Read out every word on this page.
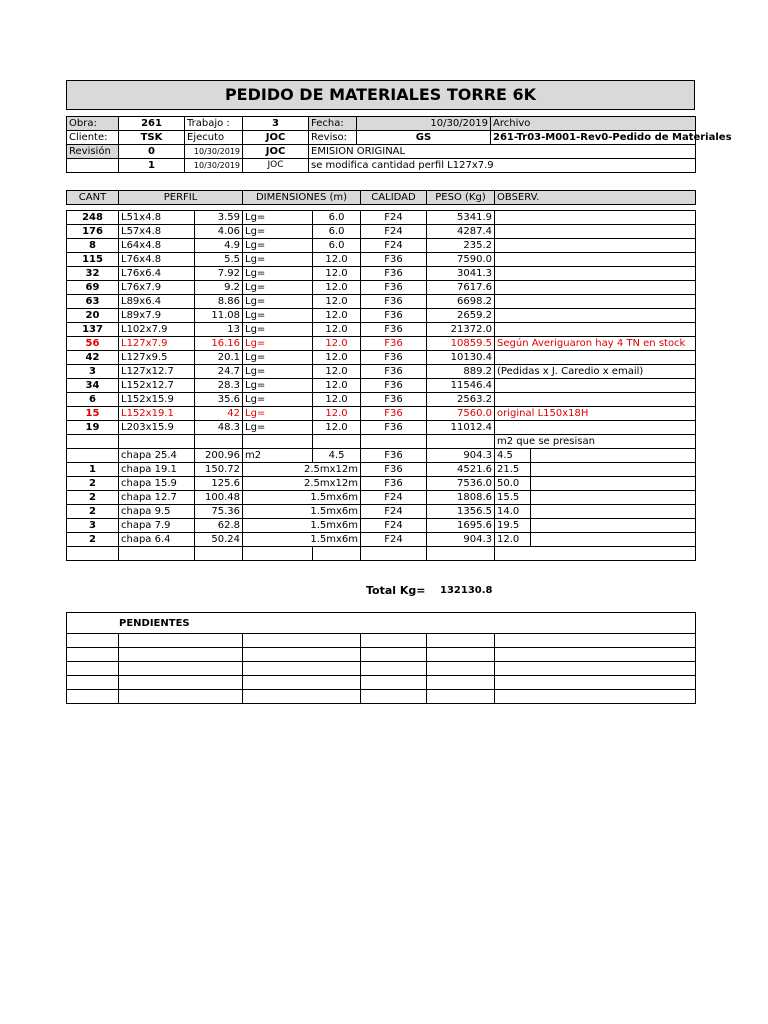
PEDIDO DE MATERIALES TORRE 6K
Obra:	261	Trabajo :	3	Fecha:	10/30/2019	Archivo
Cliente:	TSK	Ejecuto	JOC	Reviso:	GS	261-Tr03-M001-Rev0-Pedido de Materiales
Revisión	0	10/30/2019	JOC	EMISION ORIGINAL		
	1	10/30/2019	JOC	se modifica cantidad perfil L127x7.9		
CANT	PERFIL		DIMENSIONES (m)		CALIDAD	PESO (Kg)	OBSERV.	

248	L51x4.8	3.59	Lg=	6.0	F24	5341.9		
176	L57x4.8	4.06	Lg=	6.0	F24	4287.4		
8	L64x4.8	4.9	Lg=	6.0	F24	235.2		
115	L76x4.8	5.5	Lg=	12.0	F36	7590.0		
32	L76x6.4	7.92	Lg=	12.0	F36	3041.3		
69	L76x7.9	9.2	Lg=	12.0	F36	7617.6		
63	L89x6.4	8.86	Lg=	12.0	F36	6698.2		
20	L89x7.9	11.08	Lg=	12.0	F36	2659.2		
137	L102x7.9	13	Lg=	12.0	F36	21372.0		
56	L127x7.9	16.16	Lg=	12.0	F36	10859.5	Según Averiguaron hay 4 TN en stock	
42	L127x9.5	20.1	Lg=	12.0	F36	10130.4		
3	L127x12.7	24.7	Lg=	12.0	F36	889.2	(Pedidas x J. Caredio x email)	
34	L152x12.7	28.3	Lg=	12.0	F36	11546.4		
6	L152x15.9	35.6	Lg=	12.0	F36	2563.2		
15	L152x19.1	42	Lg=	12.0	F36	7560.0	original L150x18H	
19	L203x15.9	48.3	Lg=	12.0	F36	11012.4		
							m2 que se presisan	
	chapa 25.4	200.96	m2	4.5	F36	904.3	4.5	
1	chapa 19.1	150.72	2.5mx12m		F36	4521.6	21.5	
2	chapa 15.9	125.6	2.5mx12m		F36	7536.0	50.0	
2	chapa 12.7	100.48	1.5mx6m		F24	1808.6	15.5	
2	chapa 9.5	75.36	1.5mx6m		F24	1356.5	14.0	
3	chapa 7.9	62.8	1.5mx6m		F24	1695.6	19.5	
2	chapa 6.4	50.24	1.5mx6m		F24	904.3	12.0	

Total Kg= 132130.8
PENDIENTES					
